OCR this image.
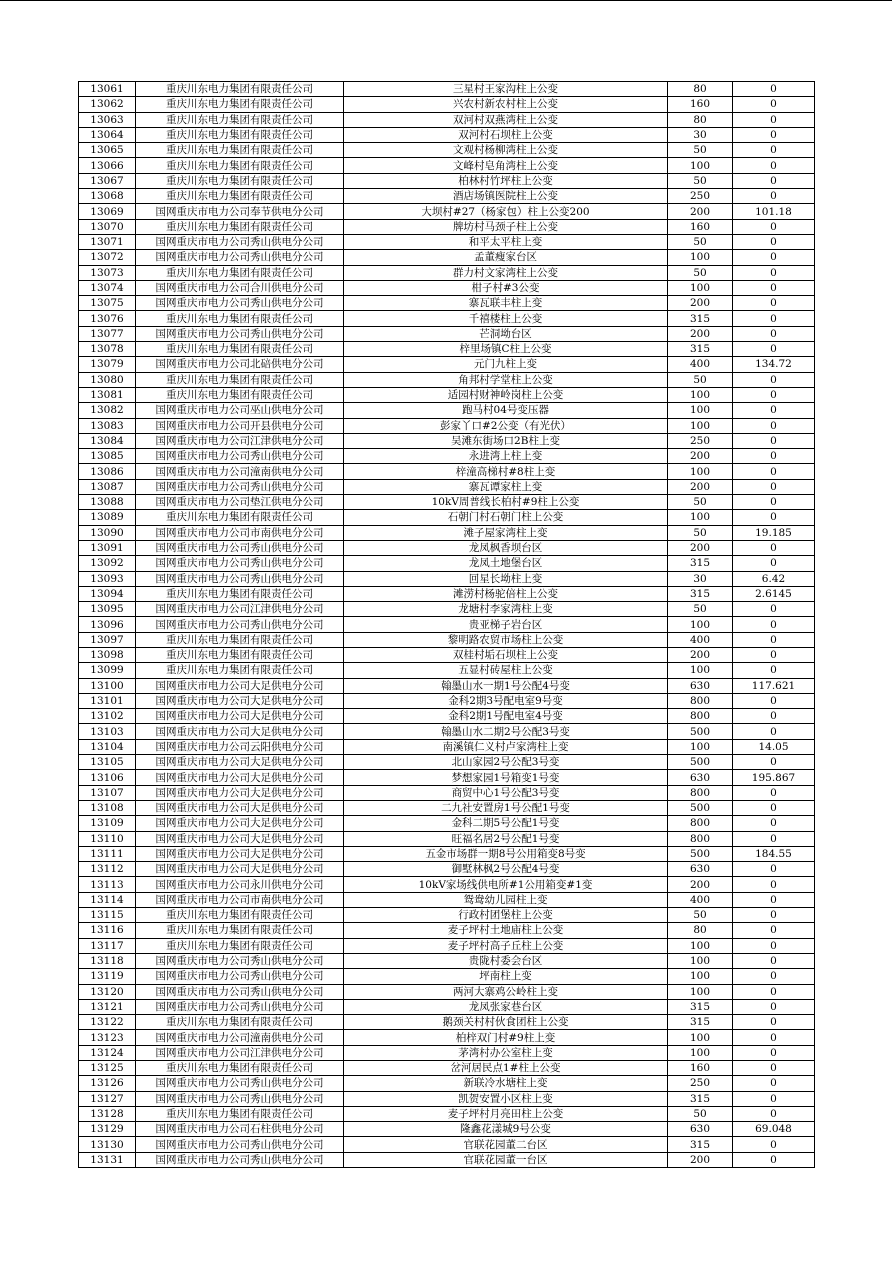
13061	重庆川东电力集团有限责任公司	三星村王家沟柱上公变	80	0
13062	重庆川东电力集团有限责任公司	兴农村新农村柱上公变	160	0
13063	重庆川东电力集团有限责任公司	双河村双燕湾柱上公变	80	0
13064	重庆川东电力集团有限责任公司	双河村石坝柱上公变	30	0
13065	重庆川东电力集团有限责任公司	文观村杨柳湾柱上公变	50	0
13066	重庆川东电力集团有限责任公司	文峰村皂角湾柱上公变	100	0
13067	重庆川东电力集团有限责任公司	柏林村竹坪柱上公变	50	0
13068	重庆川东电力集团有限责任公司	酒店场镇医院柱上公变	250	0
13069	国网重庆市电力公司奉节供电分公司	大坝村#27（杨家包）柱上公变200	200	101.18
13070	重庆川东电力集团有限责任公司	牌坊村马颈子柱上公变	160	0
13071	国网重庆市电力公司秀山供电分公司	和平太平柱上变	50	0
13072	国网重庆市电力公司秀山供电分公司	孟董瘦家台区	100	0
13073	重庆川东电力集团有限责任公司	群力村文家湾柱上公变	50	0
13074	国网重庆市电力公司合川供电分公司	柑子村#3公变	100	0
13075	国网重庆市电力公司秀山供电分公司	寨瓦联丰柱上变	200	0
13076	重庆川东电力集团有限责任公司	千禧楼柱上公变	315	0
13077	国网重庆市电力公司秀山供电分公司	芒洞坳台区	200	0
13078	重庆川东电力集团有限责任公司	梓里场镇C柱上公变	315	0
13079	国网重庆市电力公司北碚供电分公司	元门九柱上变	400	134.72
13080	重庆川东电力集团有限责任公司	角邦村学堂柱上公变	50	0
13081	重庆川东电力集团有限责任公司	适园村财神岭岗柱上公变	100	0
13082	国网重庆市电力公司巫山供电分公司	跑马村04号变压器	100	0
13083	国网重庆市电力公司开县供电分公司	彭家丫口#2公变（有光伏）	100	0
13084	国网重庆市电力公司江津供电分公司	吴滩东街场口2B柱上变	250	0
13085	国网重庆市电力公司秀山供电分公司	永进湾上柱上变	200	0
13086	国网重庆市电力公司潼南供电分公司	梓潼高梯村#8柱上变	100	0
13087	国网重庆市电力公司秀山供电分公司	寨瓦谭家柱上变	200	0
13088	国网重庆市电力公司垫江供电分公司	10kV周普线长柏村#9柱上公变	50	0
13089	重庆川东电力集团有限责任公司	石朝门村石朝门柱上公变	100	0
13090	国网重庆市电力公司市南供电分公司	滩子屋家湾柱上变	50	19.185
13091	国网重庆市电力公司秀山供电分公司	龙凤枫香坝台区	200	0
13092	国网重庆市电力公司秀山供电分公司	龙凤土地堡台区	315	0
13093	国网重庆市电力公司秀山供电分公司	回星长坳柱上变	30	6.42
13094	重庆川东电力集团有限责任公司	滩涝村杨驼倍柱上公变	315	2.6145
13095	国网重庆市电力公司江津供电分公司	龙塘村李家湾柱上变	50	0
13096	国网重庆市电力公司秀山供电分公司	贵亚梯子岩台区	100	0
13097	重庆川东电力集团有限责任公司	黎明路农贸市场柱上公变	400	0
13098	重庆川东电力集团有限责任公司	双桂村垢石坝柱上公变	200	0
13099	重庆川东电力集团有限责任公司	五显村砖屋柱上公变	100	0
13100	国网重庆市电力公司大足供电分公司	翰墨山水一期1号公配4号变	630	117.621
13101	国网重庆市电力公司大足供电分公司	金科2期3号配电室9号变	800	0
13102	国网重庆市电力公司大足供电分公司	金科2期1号配电室4号变	800	0
13103	国网重庆市电力公司大足供电分公司	翰墨山水二期2号公配3号变	500	0
13104	国网重庆市电力公司云阳供电分公司	南溪镇仁义村卢家湾柱上变	100	14.05
13105	国网重庆市电力公司大足供电分公司	北山家园2号公配3号变	500	0
13106	国网重庆市电力公司大足供电分公司	梦想家园1号箱变1号变	630	195.867
13107	国网重庆市电力公司大足供电分公司	商贸中心1号公配3号变	800	0
13108	国网重庆市电力公司大足供电分公司	二九社安置房1号公配1号变	500	0
13109	国网重庆市电力公司大足供电分公司	金科二期5号公配1号变	800	0
13110	国网重庆市电力公司大足供电分公司	旺福名居2号公配1号变	800	0
13111	国网重庆市电力公司大足供电分公司	五金市场群一期8号公用箱变8号变	500	184.55
13112	国网重庆市电力公司大足供电分公司	御墅林枫2号公配4号变	630	0
13113	国网重庆市电力公司永川供电分公司	10kV家场线供电所#1公用箱变#1变	200	0
13114	国网重庆市电力公司市南供电分公司	鸳鸯幼儿园柱上变	400	0
13115	重庆川东电力集团有限责任公司	行政村团堡柱上公变	50	0
13116	重庆川东电力集团有限责任公司	麦子坪村土地庙柱上公变	80	0
13117	重庆川东电力集团有限责任公司	麦子坪村高子丘柱上公变	100	0
13118	国网重庆市电力公司秀山供电分公司	贵陇村委会台区	100	0
13119	国网重庆市电力公司秀山供电分公司	坪南柱上变	100	0
13120	国网重庆市电力公司秀山供电分公司	两河大寨鸡公岭柱上变	100	0
13121	国网重庆市电力公司秀山供电分公司	龙凤张家巷台区	315	0
13122	重庆川东电力集团有限责任公司	鹅颈关村村伙食团柱上公变	315	0
13123	国网重庆市电力公司潼南供电分公司	柏梓双门村#9柱上变	100	0
13124	国网重庆市电力公司江津供电分公司	茅湾村办公室柱上变	100	0
13125	重庆川东电力集团有限责任公司	岔河居民点1#柱上公变	160	0
13126	国网重庆市电力公司秀山供电分公司	新联冷水塘柱上变	250	0
13127	国网重庆市电力公司秀山供电分公司	凯贺安置小区柱上变	315	0
13128	重庆川东电力集团有限责任公司	麦子坪村月亮田柱上公变	50	0
13129	国网重庆市电力公司石柱供电分公司	隆鑫花漾城9号公变	630	69.048
13130	国网重庆市电力公司秀山供电分公司	官联花园董二台区	315	0
13131	国网重庆市电力公司秀山供电分公司	官联花园董一台区	200	0
